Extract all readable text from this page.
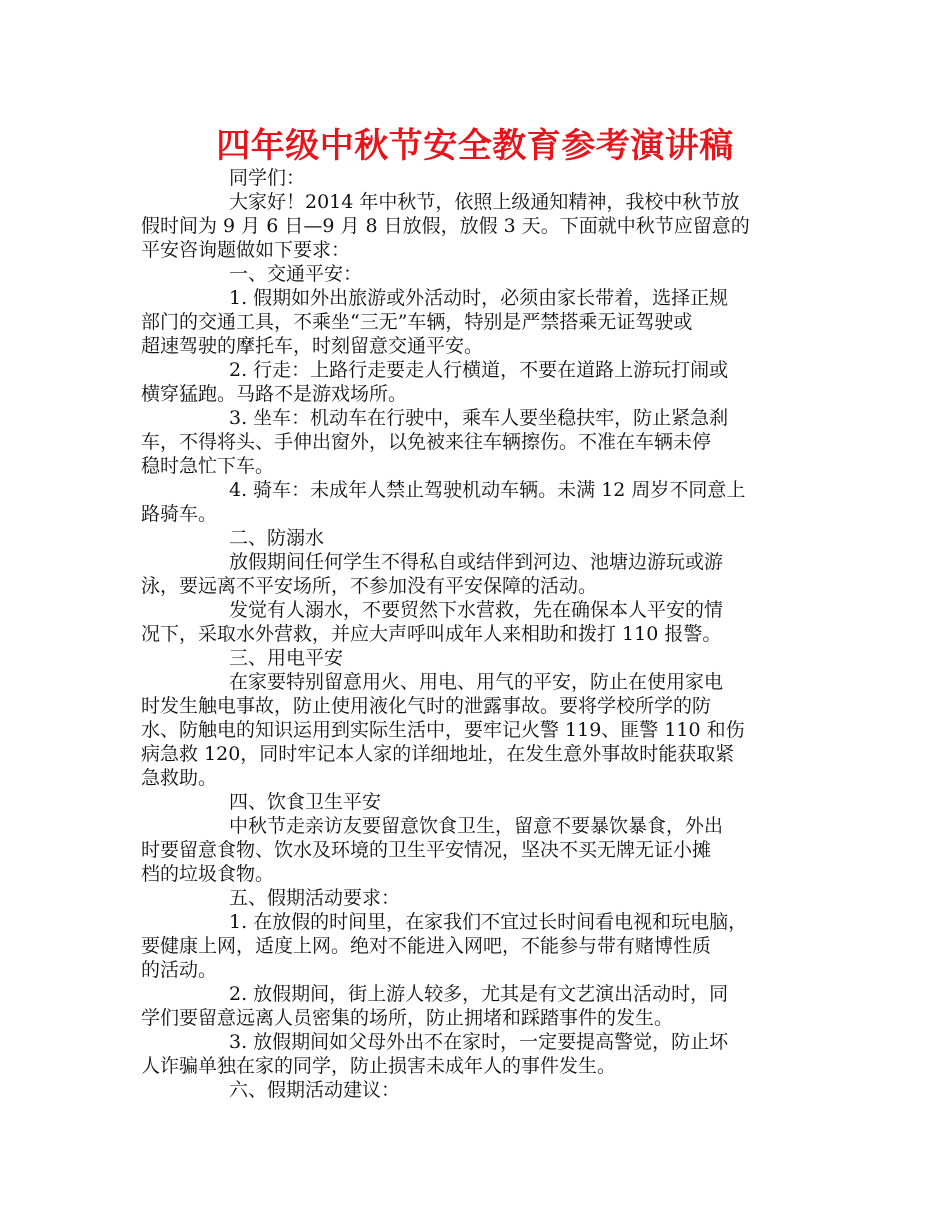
四年级中秋节安全教育参考演讲稿
同学们：
大家好！2014 年中秋节，依照上级通知精神，我校中秋节放
假时间为 9 月 6 日—9 月 8 日放假，放假 3 天。下面就中秋节应留意的
平安咨询题做如下要求：
一、交通平安：
1. 假期如外出旅游或外活动时，必须由家长带着，选择正规
部门的交通工具，不乘坐“三无”车辆，特别是严禁搭乘无证驾驶或
超速驾驶的摩托车，时刻留意交通平安。
2. 行走：上路行走要走人行横道，不要在道路上游玩打闹或
横穿猛跑。马路不是游戏场所。
3. 坐车：机动车在行驶中，乘车人要坐稳扶牢，防止紧急刹
车，不得将头、手伸出窗外，以免被来往车辆擦伤。不准在车辆未停
稳时急忙下车。
4. 骑车：未成年人禁止驾驶机动车辆。未满 12 周岁不同意上
路骑车。
二、防溺水
放假期间任何学生不得私自或结伴到河边、池塘边游玩或游
泳，要远离不平安场所，不参加没有平安保障的活动。
发觉有人溺水，不要贸然下水营救，先在确保本人平安的情
况下，采取水外营救，并应大声呼叫成年人来相助和拨打 110 报警。
三、用电平安
在家要特别留意用火、用电、用气的平安，防止在使用家电
时发生触电事故，防止使用液化气时的泄露事故。要将学校所学的防
水、防触电的知识运用到实际生活中，要牢记火警 119、匪警 110 和伤
病急救 120，同时牢记本人家的详细地址，在发生意外事故时能获取紧
急救助。
四、饮食卫生平安
中秋节走亲访友要留意饮食卫生，留意不要暴饮暴食，外出
时要留意食物、饮水及环境的卫生平安情况，坚决不买无牌无证小摊
档的垃圾食物。
五、假期活动要求：
1. 在放假的时间里，在家我们不宜过长时间看电视和玩电脑，
要健康上网，适度上网。绝对不能进入网吧，不能参与带有赌博性质
的活动。
2. 放假期间，街上游人较多，尤其是有文艺演出活动时，同
学们要留意远离人员密集的场所，防止拥堵和踩踏事件的发生。
3. 放假期间如父母外出不在家时，一定要提高警觉，防止坏
人诈骗单独在家的同学，防止损害未成年人的事件发生。
六、假期活动建议：
